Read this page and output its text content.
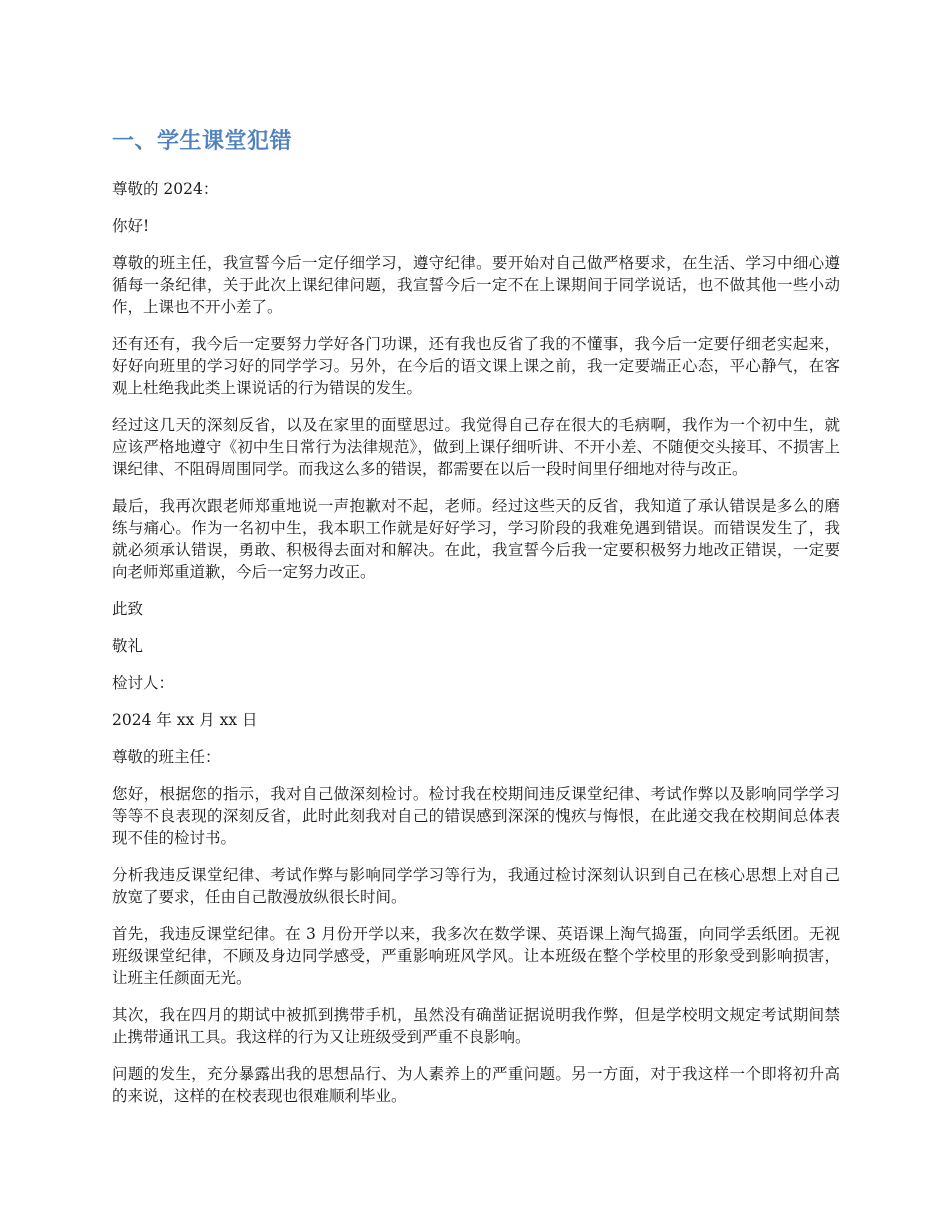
一、学生课堂犯错

尊敬的 2024：

你好!

尊敬的班主任，我宣誓今后一定仔细学习，遵守纪律。要开始对自己做严格要求，在生活、学习中细心遵循每一条纪律，关于此次上课纪律问题，我宣誓今后一定不在上课期间于同学说话，也不做其他一些小动作，上课也不开小差了。

还有还有，我今后一定要努力学好各门功课，还有我也反省了我的不懂事，我今后一定要仔细老实起来，好好向班里的学习好的同学学习。另外，在今后的语文课上课之前，我一定要端正心态，平心静气，在客观上杜绝我此类上课说话的行为错误的发生。

经过这几天的深刻反省，以及在家里的面壁思过。我觉得自己存在很大的毛病啊，我作为一个初中生，就应该严格地遵守《初中生日常行为法律规范》，做到上课仔细听讲、不开小差、不随便交头接耳、不损害上课纪律、不阻碍周围同学。而我这么多的错误，都需要在以后一段时间里仔细地对待与改正。

最后，我再次跟老师郑重地说一声抱歉对不起，老师。经过这些天的反省，我知道了承认错误是多么的磨练与痛心。作为一名初中生，我本职工作就是好好学习，学习阶段的我难免遇到错误。而错误发生了，我就必须承认错误，勇敢、积极得去面对和解决。在此，我宣誓今后我一定要积极努力地改正错误，一定要向老师郑重道歉，今后一定努力改正。

此致

敬礼

检讨人：

2024 年 xx 月 xx 日

尊敬的班主任：

您好，根据您的指示，我对自己做深刻检讨。检讨我在校期间违反课堂纪律、考试作弊以及影响同学学习等等不良表现的深刻反省，此时此刻我对自己的错误感到深深的愧疚与悔恨，在此递交我在校期间总体表现不佳的检讨书。

分析我违反课堂纪律、考试作弊与影响同学学习等行为，我通过检讨深刻认识到自己在核心思想上对自己放宽了要求，任由自己散漫放纵很长时间。

首先，我违反课堂纪律。在 3 月份开学以来，我多次在数学课、英语课上淘气捣蛋，向同学丢纸团。无视班级课堂纪律，不顾及身边同学感受，严重影响班风学风。让本班级在整个学校里的形象受到影响损害，让班主任颜面无光。

其次，我在四月的期试中被抓到携带手机，虽然没有确凿证据说明我作弊，但是学校明文规定考试期间禁止携带通讯工具。我这样的行为又让班级受到严重不良影响。

问题的发生，充分暴露出我的思想品行、为人素养上的严重问题。另一方面，对于我这样一个即将初升高的来说，这样的在校表现也很难顺利毕业。
